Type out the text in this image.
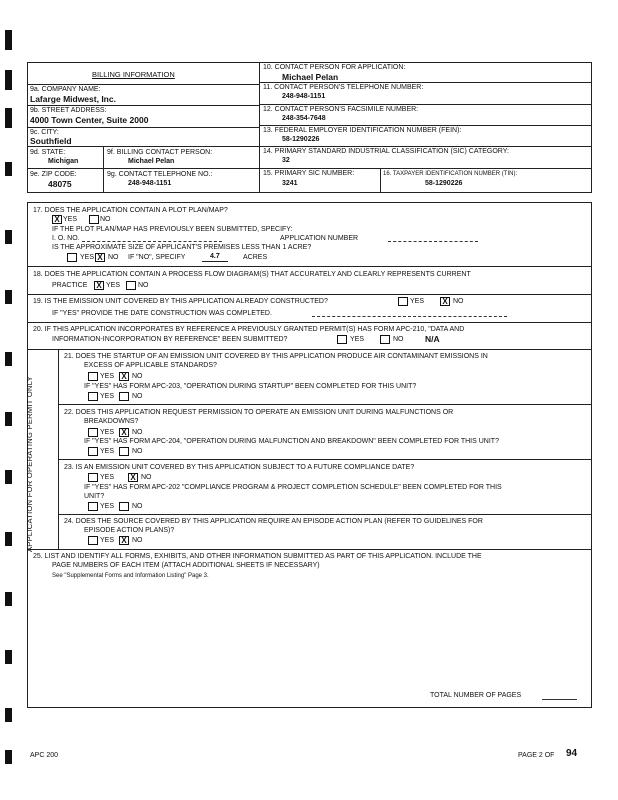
BILLING INFORMATION
9a. COMPANY NAME:
Lafarge Midwest, Inc.
9b. STREET ADDRESS:
4000 Town Center, Suite 2000
9c. CITY:
Southfield
9d. STATE:
Michigan
9f. BILLING CONTACT PERSON:
Michael Pelan
9e. ZIP CODE:
48075
9g. CONTACT TELEPHONE NO.:
248-948-1151
10. CONTACT PERSON FOR APPLICATION:
Michael Pelan
11. CONTACT PERSON'S TELEPHONE NUMBER:
248-948-1151
12. CONTACT PERSON'S FACSIMILE NUMBER:
248-354-7648
13. FEDERAL EMPLOYER IDENTIFICATION NUMBER (FEIN):
58-1290226
14. PRIMARY STANDARD INDUSTRIAL CLASSIFICATION (SIC) CATEGORY:
32
15. PRIMARY SIC NUMBER:
3241
16. TAXPAYER IDENTIFICATION NUMBER (TIN):
58-1290226
17. DOES THE APPLICATION CONTAIN A PLOT PLAN/MAP?
X YES	NO
IF THE PLOT PLAN/MAP HAS PREVIOUSLY BEEN SUBMITTED, SPECIFY:
I. O. NO.	APPLICATION NUMBER
IS THE APPROXIMATE SIZE OF APPLICANT'S PREMISES LESS THAN 1 ACRE?
YES X NO IF "NO", SPECIFY	4.7	ACRES
18. DOES THE APPLICATION CONTAIN A PROCESS FLOW DIAGRAM(S) THAT ACCURATELY AND CLEARLY REPRESENTS CURRENT
PRACTICE X YES	NO
19. IS THE EMISSION UNIT COVERED BY THIS APPLICATION ALREADY CONSTRUCTED?	YES X NO
IF "YES" PROVIDE THE DATE CONSTRUCTION WAS COMPLETED.
20. IF THIS APPLICATION INCORPORATES BY REFERENCE A PREVIOUSLY GRANTED PERMIT(S) HAS FORM APC-210, "DATA AND
INFORMATION-INCORPORATION BY REFERENCE" BEEN SUBMITTED?	YES	NO	N/A
APPLICATION FOR OPERATING PERMIT ONLY
21. DOES THE STARTUP OF AN EMISSION UNIT COVERED BY THIS APPLICATION PRODUCE AIR CONTAMINANT EMISSIONS IN
EXCESS OF APPLICABLE STANDARDS?
YES X NO
IF "YES" HAS FORM APC-203, "OPERATION DURING STARTUP" BEEN COMPLETED FOR THIS UNIT?
YES	NO
22. DOES THIS APPLICATION REQUEST PERMISSION TO OPERATE AN EMISSION UNIT DURING MALFUNCTIONS OR
BREAKDOWNS?
YES X NO
IF "YES" HAS FORM APC-204, "OPERATION DURING MALFUNCTION AND BREAKDOWN" BEEN COMPLETED FOR THIS UNIT?
YES	NO
23. IS AN EMISSION UNIT COVERED BY THIS APPLICATION SUBJECT TO A FUTURE COMPLIANCE DATE?
YES X NO
IF "YES" HAS FORM APC-202 "COMPLIANCE PROGRAM & PROJECT COMPLETION SCHEDULE" BEEN COMPLETED FOR THIS
UNIT?
YES	NO
24. DOES THE SOURCE COVERED BY THIS APPLICATION REQUIRE AN EPISODE ACTION PLAN (REFER TO GUIDELINES FOR
EPISODE ACTION PLANS)?
YES X NO
25. LIST AND IDENTIFY ALL FORMS, EXHIBITS, AND OTHER INFORMATION SUBMITTED AS PART OF THIS APPLICATION. INCLUDE THE
PAGE NUMBERS OF EACH ITEM (ATTACH ADDITIONAL SHEETS IF NECESSARY)
See "Supplemental Forms and Information Listing" Page 3.
TOTAL NUMBER OF PAGES
APC 200	PAGE 2 OF 94
